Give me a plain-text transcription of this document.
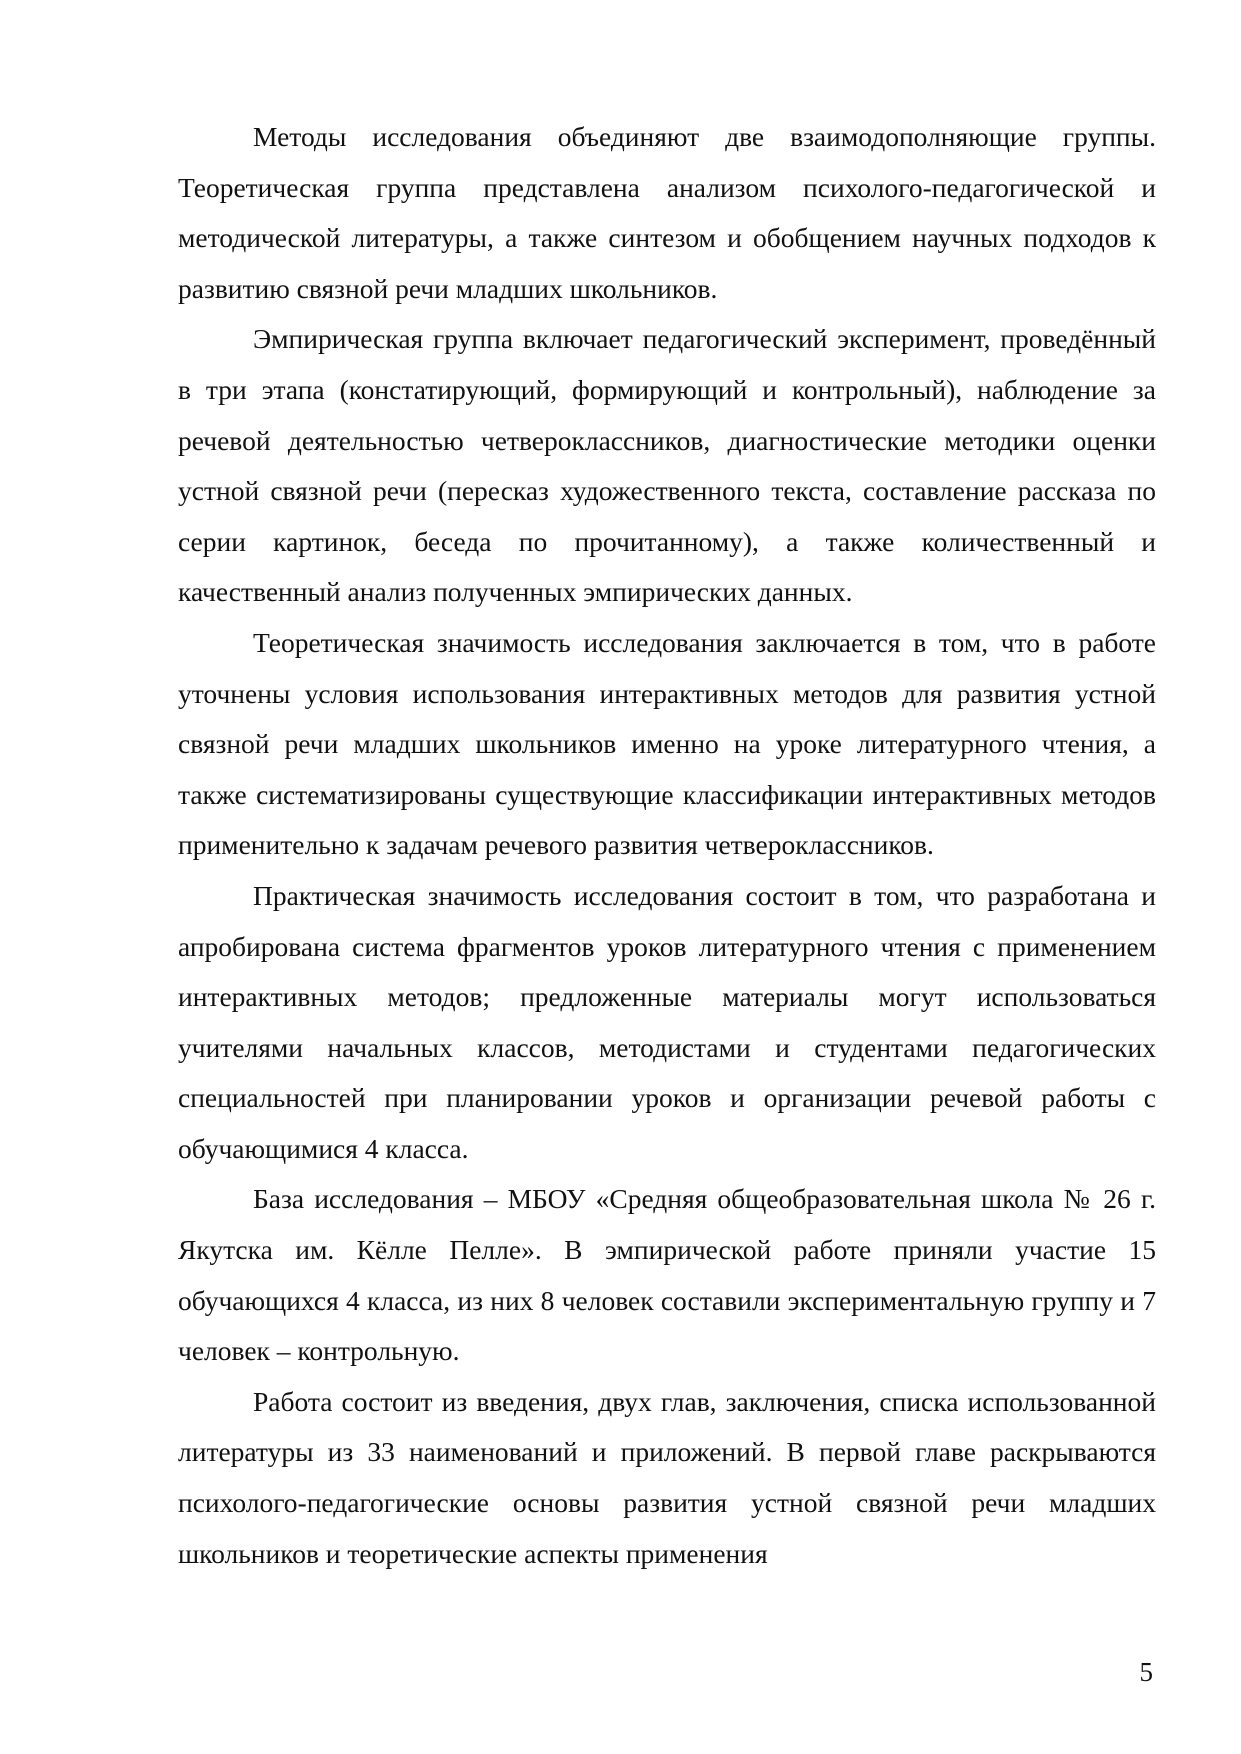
Методы исследования объединяют две взаимодополняющие группы. Теоретическая группа представлена анализом психолого-педагогической и методической литературы, а также синтезом и обобщением научных подходов к развитию связной речи младших школьников.

Эмпирическая группа включает педагогический эксперимент, проведённый в три этапа (констатирующий, формирующий и контрольный), наблюдение за речевой деятельностью четвероклассников, диагностические методики оценки устной связной речи (пересказ художественного текста, составление рассказа по серии картинок, беседа по прочитанному), а также количественный и качественный анализ полученных эмпирических данных.

Теоретическая значимость исследования заключается в том, что в работе уточнены условия использования интерактивных методов для развития устной связной речи младших школьников именно на уроке литературного чтения, а также систематизированы существующие классификации интерактивных методов применительно к задачам речевого развития четвероклассников.

Практическая значимость исследования состоит в том, что разработана и апробирована система фрагментов уроков литературного чтения с применением интерактивных методов; предложенные материалы могут использоваться учителями начальных классов, методистами и студентами педагогических специальностей при планировании уроков и организации речевой работы с обучающимися 4 класса.

База исследования – МБОУ «Средняя общеобразовательная школа № 26 г. Якутска им. Кёлле Пелле». В эмпирической работе приняли участие 15 обучающихся 4 класса, из них 8 человек составили экспериментальную группу и 7 человек – контрольную.

Работа состоит из введения, двух глав, заключения, списка использованной литературы из 33 наименований и приложений. В первой главе раскрываются психолого-педагогические основы развития устной связной речи младших школьников и теоретические аспекты применения

5
